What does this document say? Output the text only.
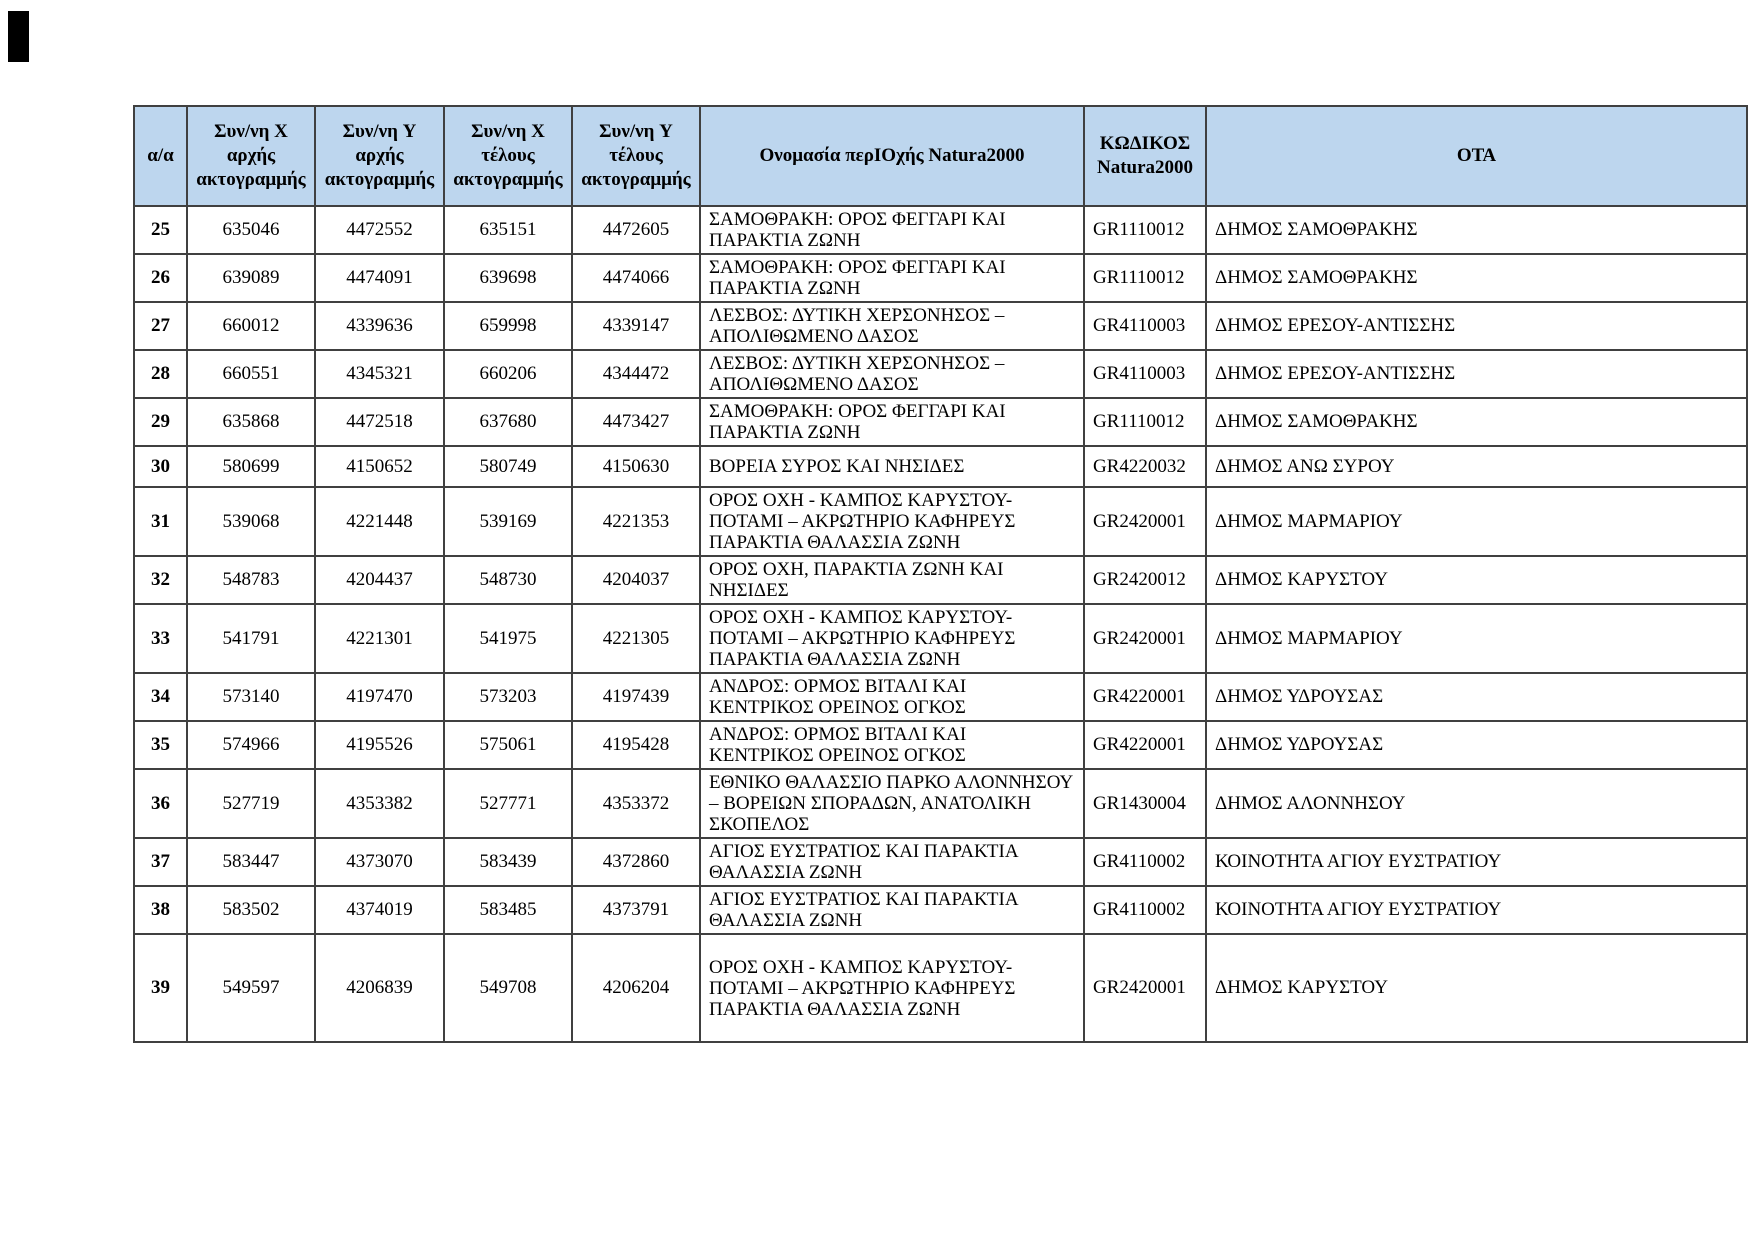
α/α	Συν/νη X αρχής ακτογραμμής	Συν/νη Y αρχής ακτογραμμής	Συν/νη X τέλους ακτογραμμής	Συν/νη Y τέλους ακτογραμμής	Ονομασία περΙΟχής Natura2000	ΚΩΔΙΚΟΣ Natura2000	ΟΤΑ
25	635046	4472552	635151	4472605	ΣΑΜΟΘΡΑΚΗ: ΟΡΟΣ ΦΕΓΓΑΡΙ ΚΑΙ ΠΑΡΑΚΤΙΑ ΖΩΝΗ	GR1110012	ΔΗΜΟΣ ΣΑΜΟΘΡΑΚΗΣ
26	639089	4474091	639698	4474066	ΣΑΜΟΘΡΑΚΗ: ΟΡΟΣ ΦΕΓΓΑΡΙ ΚΑΙ ΠΑΡΑΚΤΙΑ ΖΩΝΗ	GR1110012	ΔΗΜΟΣ ΣΑΜΟΘΡΑΚΗΣ
27	660012	4339636	659998	4339147	ΛΕΣΒΟΣ: ΔΥΤΙΚΗ ΧΕΡΣΟΝΗΣΟΣ – ΑΠΟΛΙΘΩΜΕΝΟ ΔΑΣΟΣ	GR4110003	ΔΗΜΟΣ ΕΡΕΣΟΥ-ΑΝΤΙΣΣΗΣ
28	660551	4345321	660206	4344472	ΛΕΣΒΟΣ: ΔΥΤΙΚΗ ΧΕΡΣΟΝΗΣΟΣ – ΑΠΟΛΙΘΩΜΕΝΟ ΔΑΣΟΣ	GR4110003	ΔΗΜΟΣ ΕΡΕΣΟΥ-ΑΝΤΙΣΣΗΣ
29	635868	4472518	637680	4473427	ΣΑΜΟΘΡΑΚΗ: ΟΡΟΣ ΦΕΓΓΑΡΙ ΚΑΙ ΠΑΡΑΚΤΙΑ ΖΩΝΗ	GR1110012	ΔΗΜΟΣ ΣΑΜΟΘΡΑΚΗΣ
30	580699	4150652	580749	4150630	ΒΟΡΕΙΑ ΣΥΡΟΣ ΚΑΙ ΝΗΣΙΔΕΣ	GR4220032	ΔΗΜΟΣ ΑΝΩ ΣΥΡΟΥ
31	539068	4221448	539169	4221353	ΟΡΟΣ ΟΧΗ - ΚΑΜΠΟΣ ΚΑΡΥΣΤΟΥ-ΠΟΤΑΜΙ – ΑΚΡΩΤΗΡΙΟ ΚΑΦΗΡΕΥΣ ΠΑΡΑΚΤΙΑ ΘΑΛΑΣΣΙΑ ΖΩΝΗ	GR2420001	ΔΗΜΟΣ ΜΑΡΜΑΡΙΟΥ
32	548783	4204437	548730	4204037	ΟΡΟΣ ΟΧΗ, ΠΑΡΑΚΤΙΑ ΖΩΝΗ ΚΑΙ ΝΗΣΙΔΕΣ	GR2420012	ΔΗΜΟΣ ΚΑΡΥΣΤΟΥ
33	541791	4221301	541975	4221305	ΟΡΟΣ ΟΧΗ - ΚΑΜΠΟΣ ΚΑΡΥΣΤΟΥ-ΠΟΤΑΜΙ – ΑΚΡΩΤΗΡΙΟ ΚΑΦΗΡΕΥΣ ΠΑΡΑΚΤΙΑ ΘΑΛΑΣΣΙΑ ΖΩΝΗ	GR2420001	ΔΗΜΟΣ ΜΑΡΜΑΡΙΟΥ
34	573140	4197470	573203	4197439	ΑΝΔΡΟΣ: ΟΡΜΟΣ ΒΙΤΑΛΙ ΚΑΙ ΚΕΝΤΡΙΚΟΣ ΟΡΕΙΝΟΣ ΟΓΚΟΣ	GR4220001	ΔΗΜΟΣ ΥΔΡΟΥΣΑΣ
35	574966	4195526	575061	4195428	ΑΝΔΡΟΣ: ΟΡΜΟΣ ΒΙΤΑΛΙ ΚΑΙ ΚΕΝΤΡΙΚΟΣ ΟΡΕΙΝΟΣ ΟΓΚΟΣ	GR4220001	ΔΗΜΟΣ ΥΔΡΟΥΣΑΣ
36	527719	4353382	527771	4353372	ΕΘΝΙΚΟ ΘΑΛΑΣΣΙΟ ΠΑΡΚΟ ΑΛΟΝΝΗΣΟΥ – ΒΟΡΕΙΩΝ ΣΠΟΡΑΔΩΝ, ΑΝΑΤΟΛΙΚΗ ΣΚΟΠΕΛΟΣ	GR1430004	ΔΗΜΟΣ ΑΛΟΝΝΗΣΟΥ
37	583447	4373070	583439	4372860	ΑΓΙΟΣ ΕΥΣΤΡΑΤΙΟΣ ΚΑΙ ΠΑΡΑΚΤΙΑ ΘΑΛΑΣΣΙΑ ΖΩΝΗ	GR4110002	ΚΟΙΝΟΤΗΤΑ ΑΓΙΟΥ ΕΥΣΤΡΑΤΙΟΥ
38	583502	4374019	583485	4373791	ΑΓΙΟΣ ΕΥΣΤΡΑΤΙΟΣ ΚΑΙ ΠΑΡΑΚΤΙΑ ΘΑΛΑΣΣΙΑ ΖΩΝΗ	GR4110002	ΚΟΙΝΟΤΗΤΑ ΑΓΙΟΥ ΕΥΣΤΡΑΤΙΟΥ
39	549597	4206839	549708	4206204	ΟΡΟΣ ΟΧΗ - ΚΑΜΠΟΣ ΚΑΡΥΣΤΟΥ-ΠΟΤΑΜΙ – ΑΚΡΩΤΗΡΙΟ ΚΑΦΗΡΕΥΣ ΠΑΡΑΚΤΙΑ ΘΑΛΑΣΣΙΑ ΖΩΝΗ	GR2420001	ΔΗΜΟΣ ΚΑΡΥΣΤΟΥ
